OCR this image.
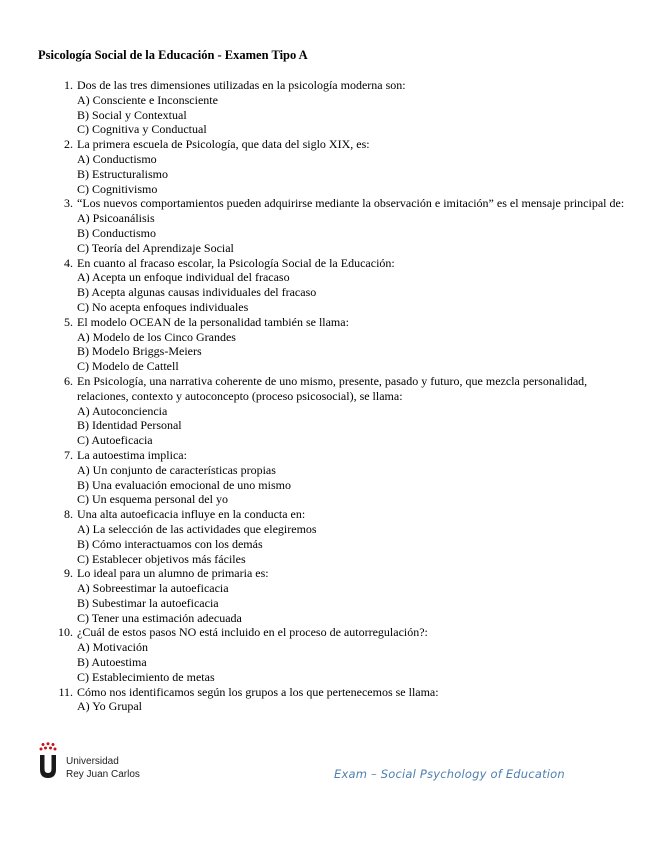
Psicología Social de la Educación - Examen Tipo A
1. Dos de las tres dimensiones utilizadas en la psicología moderna son:
A) Consciente e Inconsciente
B) Social y Contextual
C) Cognitiva y Conductual
2. La primera escuela de Psicología, que data del siglo XIX, es:
A) Conductismo
B) Estructuralismo
C) Cognitivismo
3. “Los nuevos comportamientos pueden adquirirse mediante la observación e imitación” es el mensaje principal de:
A) Psicoanálisis
B) Conductismo
C) Teoría del Aprendizaje Social
4. En cuanto al fracaso escolar, la Psicología Social de la Educación:
A) Acepta un enfoque individual del fracaso
B) Acepta algunas causas individuales del fracaso
C) No acepta enfoques individuales
5. El modelo OCEAN de la personalidad también se llama:
A) Modelo de los Cinco Grandes
B) Modelo Briggs-Meiers
C) Modelo de Cattell
6. En Psicología, una narrativa coherente de uno mismo, presente, pasado y futuro, que mezcla personalidad, relaciones, contexto y autoconcepto (proceso psicosocial), se llama:
A) Autoconciencia
B) Identidad Personal
C) Autoeficacia
7. La autoestima implica:
A) Un conjunto de características propias
B) Una evaluación emocional de uno mismo
C) Un esquema personal del yo
8. Una alta autoeficacia influye en la conducta en:
A) La selección de las actividades que elegiremos
B) Cómo interactuamos con los demás
C) Establecer objetivos más fáciles
9. Lo ideal para un alumno de primaria es:
A) Sobreestimar la autoeficacia
B) Subestimar la autoeficacia
C) Tener una estimación adecuada
10. ¿Cuál de estos pasos NO está incluido en el proceso de autorregulación?:
A) Motivación
B) Autoestima
C) Establecimiento de metas
11. Cómo nos identificamos según los grupos a los que pertenecemos se llama:
A) Yo Grupal
Universidad
Rey Juan Carlos	Exam – Social Psychology of Education
